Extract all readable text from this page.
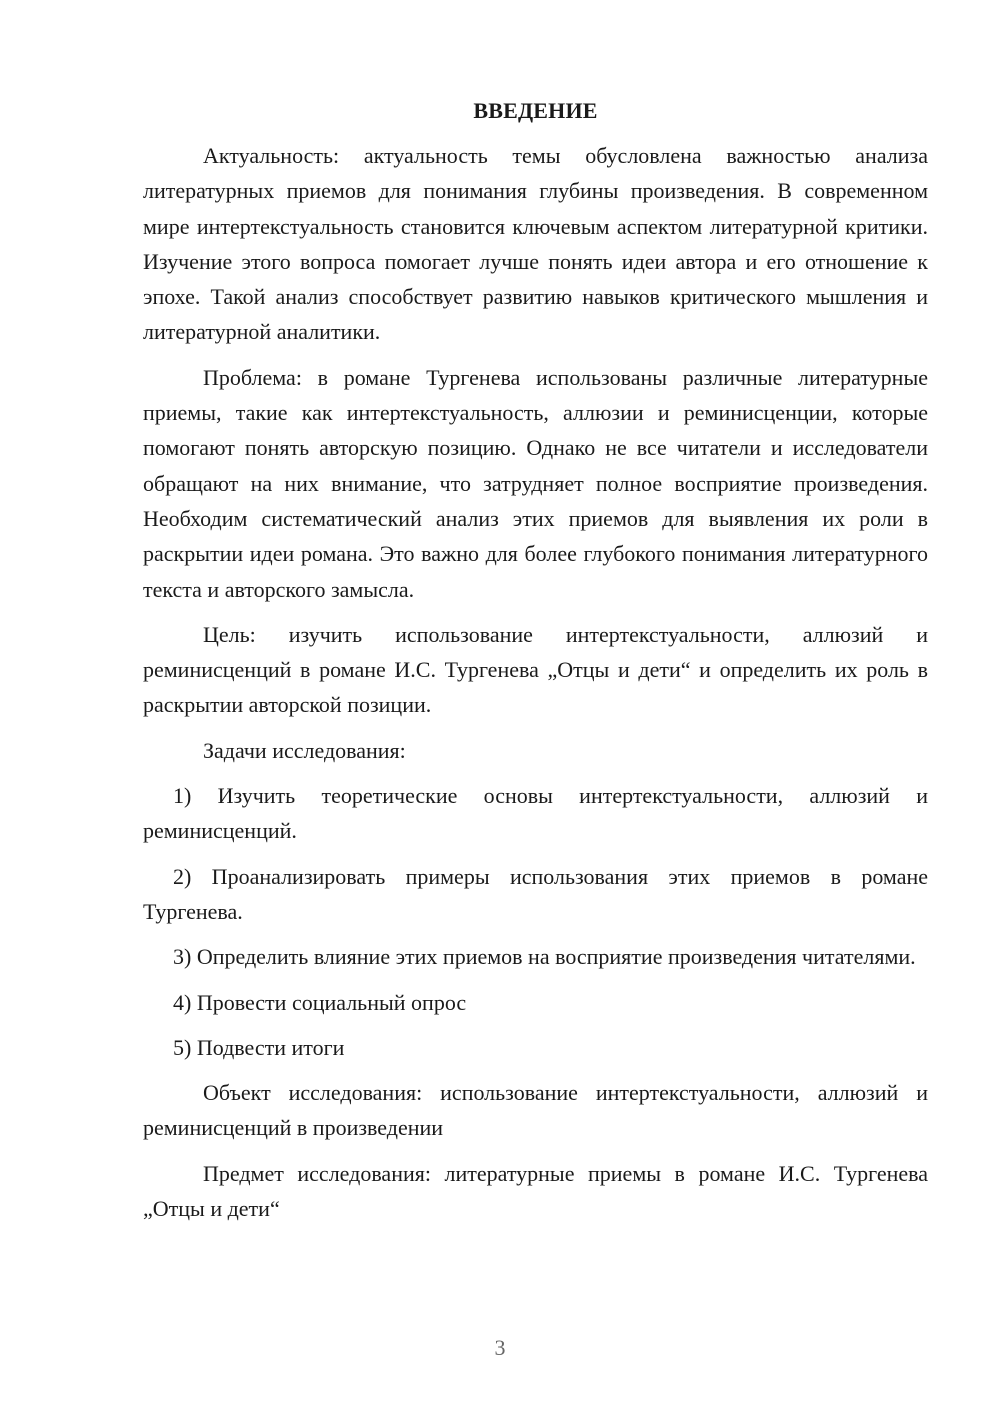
ВВЕДЕНИЕ

Актуальность: актуальность темы обусловлена важностью анализа литературных приемов для понимания глубины произведения. В современном мире интертекстуальность становится ключевым аспектом литературной критики. Изучение этого вопроса помогает лучше понять идеи автора и его отношение к эпохе. Такой анализ способствует развитию навыков критического мышления и литературной аналитики.

Проблема: в романе Тургенева использованы различные литературные приемы, такие как интертекстуальность, аллюзии и реминисценции, которые помогают понять авторскую позицию. Однако не все читатели и исследователи обращают на них внимание, что затрудняет полное восприятие произведения. Необходим систематический анализ этих приемов для выявления их роли в раскрытии идеи романа. Это важно для более глубокого понимания литературного текста и авторского замысла.

Цель: изучить использование интертекстуальности, аллюзий и реминисценций в романе И.С. Тургенева „Отцы и дети“ и определить их роль в раскрытии авторской позиции.

Задачи исследования:

1) Изучить теоретические основы интертекстуальности, аллюзий и реминисценций.

2) Проанализировать примеры использования этих приемов в романе Тургенева.

3) Определить влияние этих приемов на восприятие произведения читателями.

4) Провести социальный опрос

5) Подвести итоги

Объект исследования: использование интертекстуальности, аллюзий и реминисценций в произведении

Предмет исследования: литературные приемы в романе И.С. Тургенева „Отцы и дети“

3
